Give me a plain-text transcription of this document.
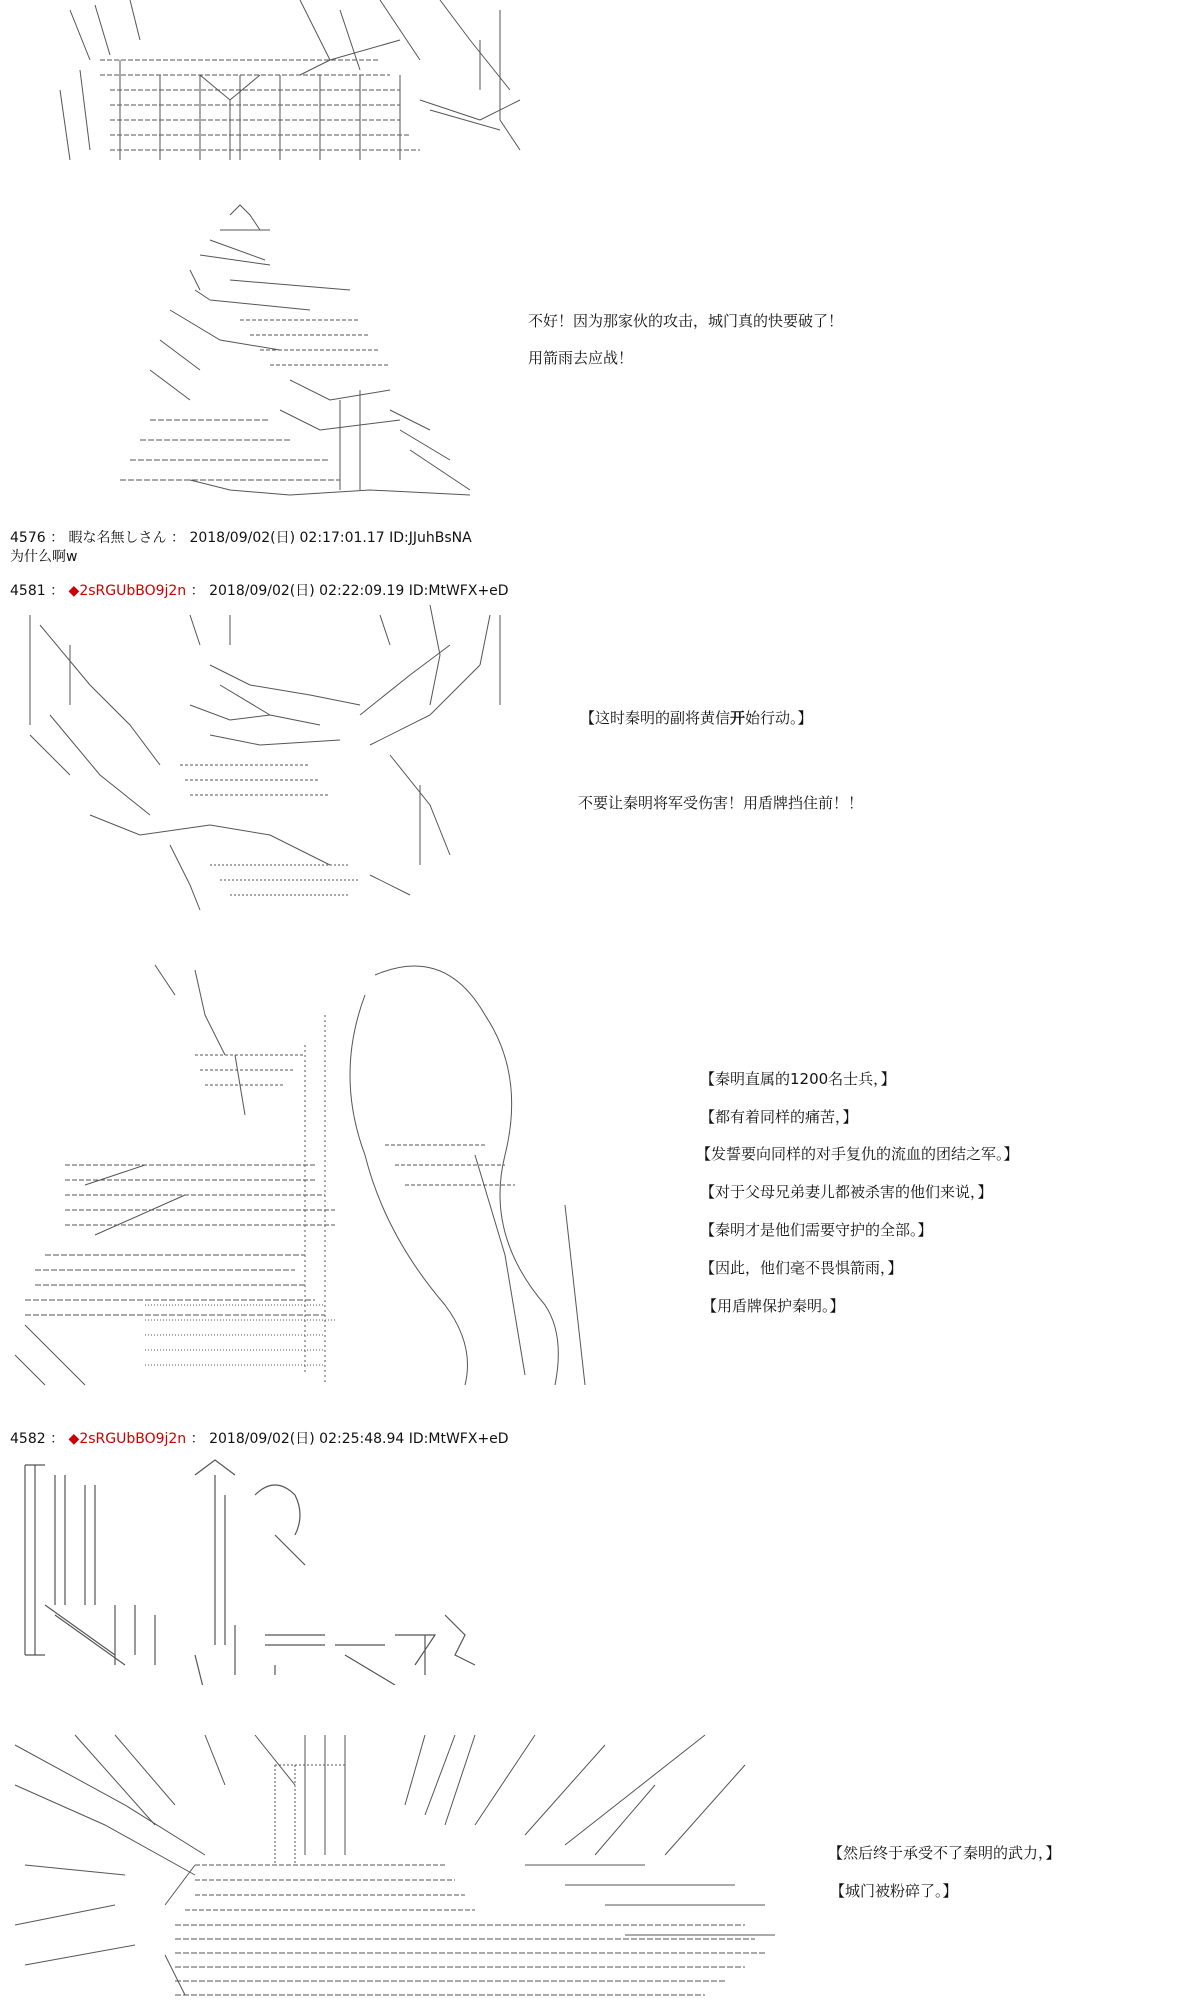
不好！因为那家伙的攻击，城门真的快要破了！

用箭雨去应战！

4576 ： 暇な名無しさん ： 2018/09/02(日) 02:17:01.17 ID:JJuhBsNA
为什么啊w
4581 ： ◆2sRGUbBO9j2n ： 2018/09/02(日) 02:22:09.19 ID:MtWFX+eD

【这时秦明的副将黄信开始行动。】

不要让秦明将军受伤害！用盾牌挡住前！！

【秦明直属的1200名士兵，】

【都有着同样的痛苦，】

【发誓要向同样的对手复仇的流血的团结之军。】

【对于父母兄弟妻儿都被杀害的他们来说，】

【秦明才是他们需要守护的全部。】

【因此，他们毫不畏惧箭雨，】

【用盾牌保护秦明。】

4582 ： ◆2sRGUbBO9j2n ： 2018/09/02(日) 02:25:48.94 ID:MtWFX+eD

【然后终于承受不了秦明的武力，】

【城门被粉碎了。】
